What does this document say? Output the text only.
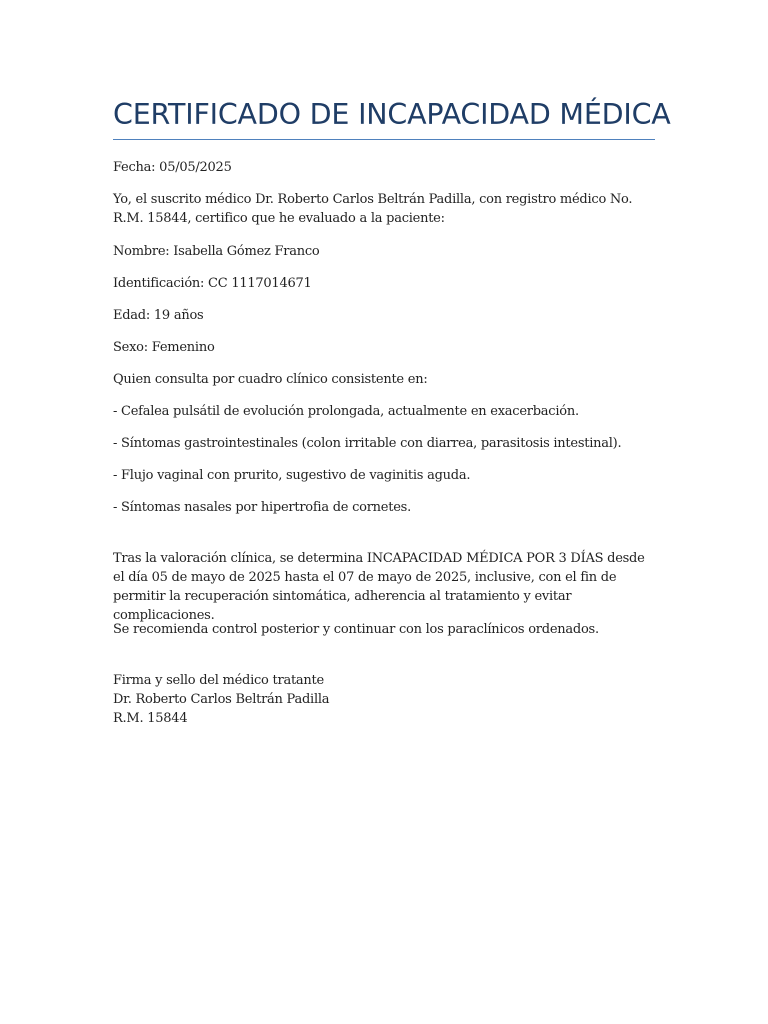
CERTIFICADO DE INCAPACIDAD MÉDICA

Fecha: 05/05/2025

Yo, el suscrito médico Dr. Roberto Carlos Beltrán Padilla, con registro médico No. R.M. 15844, certifico que he evaluado a la paciente:

Nombre: Isabella Gómez Franco

Identificación: CC 1117014671

Edad: 19 años

Sexo: Femenino

Quien consulta por cuadro clínico consistente en:

- Cefalea pulsátil de evolución prolongada, actualmente en exacerbación.

- Síntomas gastrointestinales (colon irritable con diarrea, parasitosis intestinal).

- Flujo vaginal con prurito, sugestivo de vaginitis aguda.

- Síntomas nasales por hipertrofia de cornetes.

Tras la valoración clínica, se determina INCAPACIDAD MÉDICA POR 3 DÍAS desde el día 05 de mayo de 2025 hasta el 07 de mayo de 2025, inclusive, con el fin de permitir la recuperación sintomática, adherencia al tratamiento y evitar complicaciones.

Se recomienda control posterior y continuar con los paraclínicos ordenados.

Firma y sello del médico tratante

Dr. Roberto Carlos Beltrán Padilla

R.M. 15844
